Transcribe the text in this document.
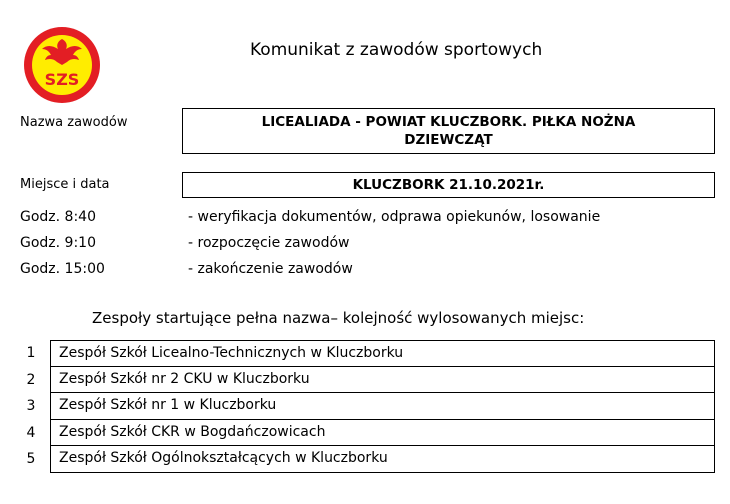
SZS
Komunikat z zawodów sportowych
Nazwa zawodów	LICEALIADA - POWIAT KLUCZBORK. PIŁKA NOŻNA
DZIEWCZĄT
Miejsce i data	KLUCZBORK 21.10.2021r.
Godz. 8:40	- weryfikacja dokumentów, odprawa opiekunów, losowanie
Godz. 9:10	- rozpoczęcie zawodów
Godz. 15:00	- zakończenie zawodów
Zespoły startujące pełna nazwa– kolejność wylosowanych miejsc:
1	Zespół Szkół Licealno-Technicznych w Kluczborku
2	Zespół Szkół nr 2 CKU w Kluczborku
3	Zespół Szkół nr 1 w Kluczborku
4	Zespół Szkół CKR w Bogdańczowicach
5	Zespół Szkół Ogólnokształcących w Kluczborku
